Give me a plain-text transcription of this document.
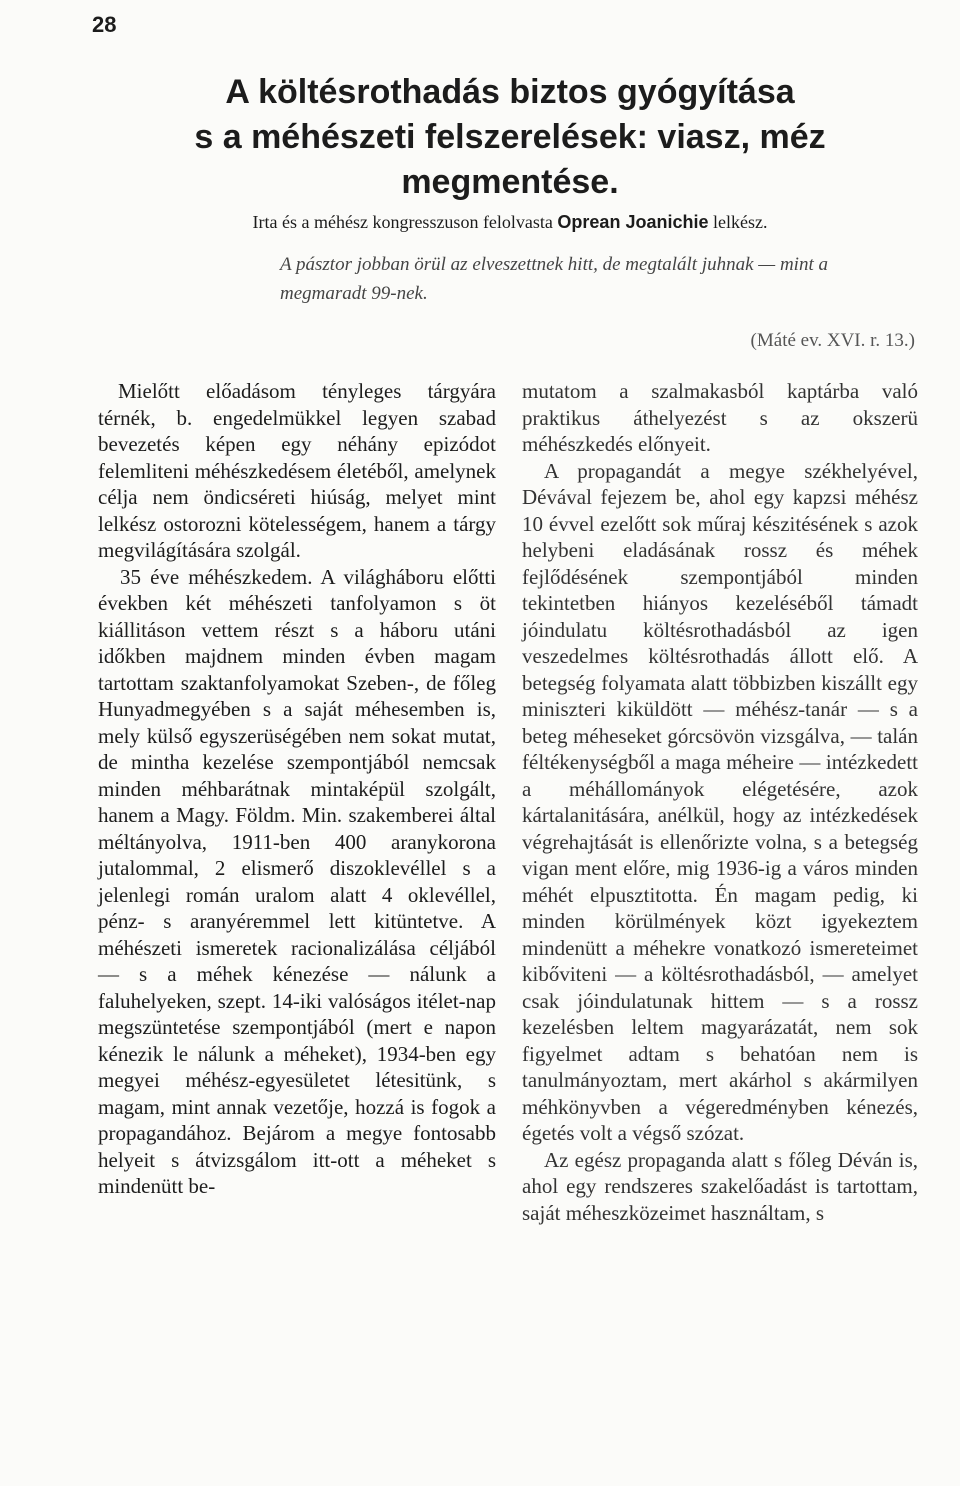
28
A költésrothadás biztos gyógyítása
s a méhészeti felszerelések: viasz, méz
megmentése.
Irta és a méhész kongresszuson felolvasta Oprean Joanichie lelkész.
A pásztor jobban örül az elveszettnek hitt, de megtalált juhnak — mint a megmaradt 99-nek.
(Máté ev. XVI. r. 13.)

Mielőtt előadásom tényleges tárgyára térnék, b. engedelmükkel legyen szabad bevezetés képen egy néhány epizódot felemliteni méhészkedésem életéből, amelynek célja nem öndicséreti hiúság, melyet mint lelkész ostorozni kötelességem, hanem a tárgy megvilágítására szolgál.

35 éve méhészkedem. A világháboru előtti években két méhészeti tanfolyamon s öt kiállitáson vettem részt s a háboru utáni időkben majdnem minden évben magam tartottam szaktanfolyamokat Szeben-, de főleg Hunyadmegyében s a saját méhesemben is, mely külső egyszerüségében nem sokat mutat, de mintha kezelése szempontjából nemcsak minden méhbarátnak mintaképül szolgált, hanem a Magy. Földm. Min. szakemberei által méltányolva, 1911-ben 400 aranykorona jutalommal, 2 elismerő diszoklevéllel s a jelenlegi román uralom alatt 4 oklevéllel, pénz- s aranyéremmel lett kitüntetve. A méhészeti ismeretek racionalizálása céljából — s a méhek kénezése — nálunk a faluhelyeken, szept. 14-iki valóságos itélet-nap megszüntetése szempontjából (mert e napon kénezik le nálunk a méheket), 1934-ben egy megyei méhész-egyesületet létesitünk, s magam, mint annak vezetője, hozzá is fogok a propagandához. Bejárom a megye fontosabb helyeit s átvizsgálom itt-ott a méheket s mindenütt be-

mutatom a szalmakasból kaptárba való praktikus áthelyezést s az okszerü méhészkedés előnyeit.

A propagandát a megye székhelyével, Dévával fejezem be, ahol egy kapzsi méhész 10 évvel ezelőtt sok műraj készitésének s azok helybeni eladásának rossz és méhek fejlődésének szempontjából minden tekintetben hiányos kezeléséből támadt jóindulatu költésrothadásból az igen veszedelmes költésrothadás állott elő. A betegség folyamata alatt többizben kiszállt egy miniszteri kiküldött — méhész-tanár — s a beteg méheseket górcsövön vizsgálva, — talán féltékenységből a maga méheire — intézkedett a méhállományok elégetésére, azok kártalanitására, anélkül, hogy az intézkedések végrehajtását is ellenőrizte volna, s a betegség vigan ment előre, mig 1936-ig a város minden méhét elpusztitotta. Én magam pedig, ki minden körülmények közt igyekeztem mindenütt a méhekre vonatkozó ismereteimet kibőviteni — a költésrothadásból, — amelyet csak jóindulatunak hittem — s a rossz kezelésben leltem magyarázatát, nem sok figyelmet adtam s behatóan nem is tanulmányoztam, mert akárhol s akármilyen méhkönyvben a végeredményben kénezés, égetés volt a végső szózat.

Az egész propaganda alatt s főleg Déván is, ahol egy rendszeres szakelőadást is tartottam, saját méheszközeimet használtam, s
